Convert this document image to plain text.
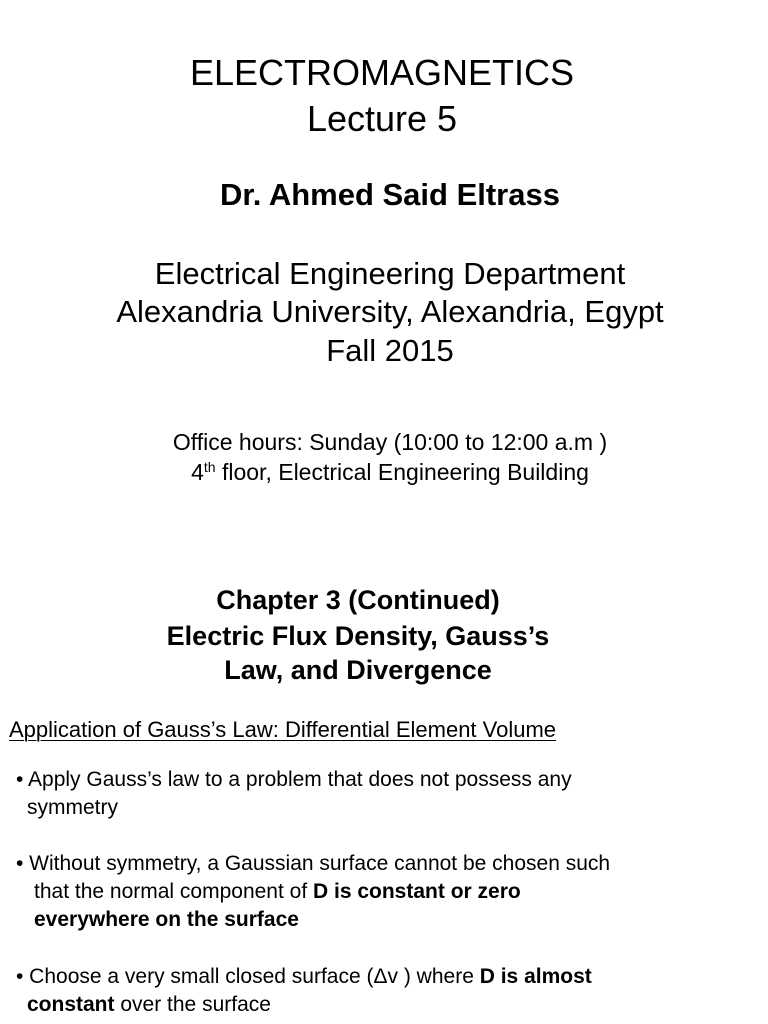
ELECTROMAGNETICS
Lecture 5
Dr. Ahmed Said Eltrass
Electrical Engineering Department
Alexandria University, Alexandria, Egypt
Fall 2015
Office hours: Sunday (10:00 to 12:00 a.m )
4th floor, Electrical Engineering Building
Chapter 3 (Continued)
Electric Flux Density, Gauss’s
Law, and Divergence
Application of Gauss’s Law: Differential Element Volume
• Apply Gauss’s law to a problem that does not possess any
symmetry
• Without symmetry, a Gaussian surface cannot be chosen such
that the normal component of D is constant or zero
everywhere on the surface
• Choose a very small closed surface (Δv ) where D is almost
constant over the surface
